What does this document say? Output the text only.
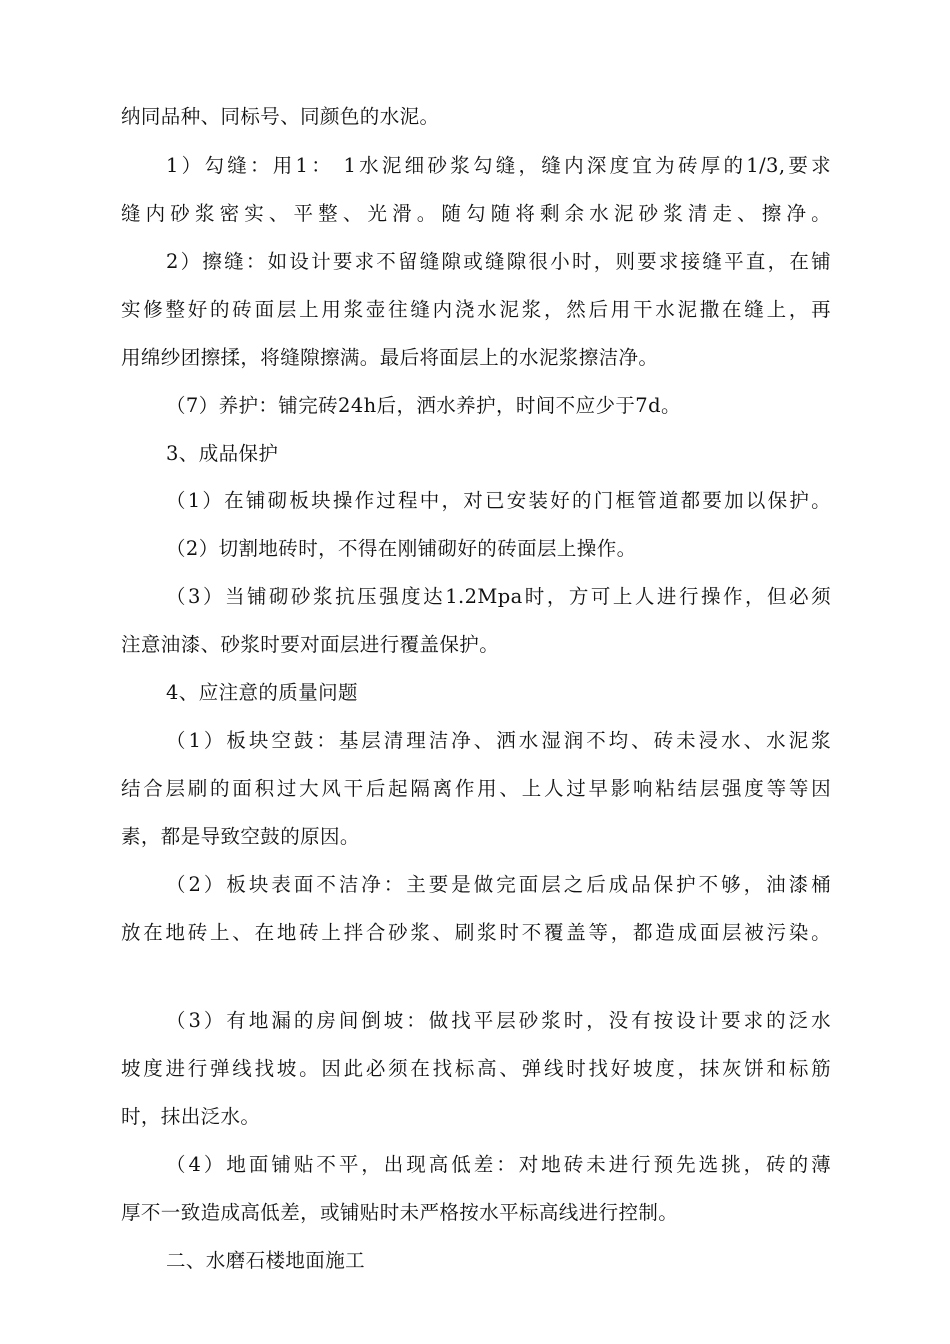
纳同品种、同标号、同颜色的水泥。
1）勾缝：用1： 1水泥细砂浆勾缝，缝内深度宜为砖厚的1/3,要求
缝内砂浆密实、平整、光滑。随勾随将剩余水泥砂浆清走、擦净。
2）擦缝：如设计要求不留缝隙或缝隙很小时，则要求接缝平直，在铺
实修整好的砖面层上用浆壶往缝内浇水泥浆，然后用干水泥撒在缝上，再
用绵纱团擦揉，将缝隙擦满。最后将面层上的水泥浆擦洁净。
（7）养护：铺完砖24h后，洒水养护，时间不应少于7d。
3、成品保护
（1）在铺砌板块操作过程中，对已安装好的门框管道都要加以保护。
（2）切割地砖时，不得在刚铺砌好的砖面层上操作。
（3）当铺砌砂浆抗压强度达1.2Mpa时，方可上人进行操作，但必须
注意油漆、砂浆时要对面层进行覆盖保护。
4、应注意的质量问题
（1）板块空鼓：基层清理洁净、洒水湿润不均、砖未浸水、水泥浆
结合层刷的面积过大风干后起隔离作用、上人过早影响粘结层强度等等因
素，都是导致空鼓的原因。
（2）板块表面不洁净：主要是做完面层之后成品保护不够，油漆桶
放在地砖上、在地砖上拌合砂浆、刷浆时不覆盖等，都造成面层被污染。
（3）有地漏的房间倒坡：做找平层砂浆时，没有按设计要求的泛水
坡度进行弹线找坡。因此必须在找标高、弹线时找好坡度，抹灰饼和标筋
时，抹出泛水。
（4）地面铺贴不平，出现高低差：对地砖未进行预先选挑，砖的薄
厚不一致造成高低差，或铺贴时未严格按水平标高线进行控制。
二、水磨石楼地面施工
